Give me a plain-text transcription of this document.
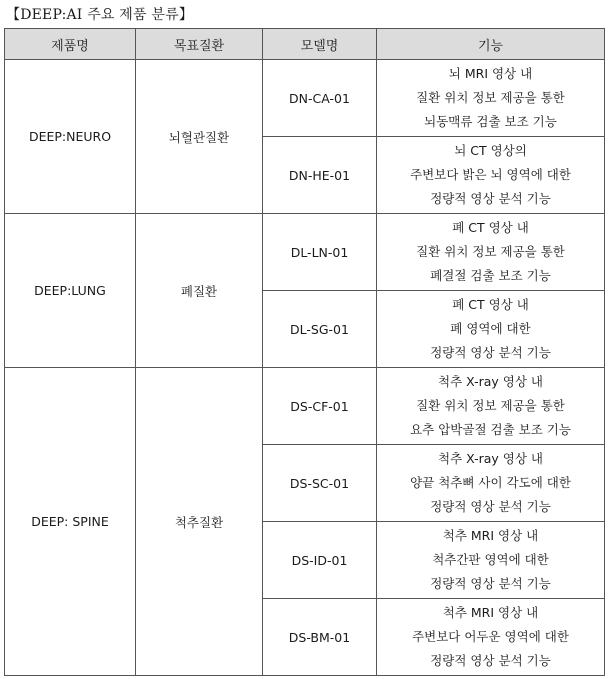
【DEEP:AI 주요 제품 분류】
제품명	목표질환	모델명	기능
DEEP:NEURO	뇌혈관질환	DN-CA-01	뇌 MRI 영상 내
질환 위치 정보 제공을 통한
뇌동맥류 검출 보조 기능

		DN-HE-01	뇌 CT 영상의
주변보다 밝은 뇌 영역에 대한
정량적 영상 분석 기능

DEEP:LUNG	폐질환	DL-LN-01	폐 CT 영상 내
질환 위치 정보 제공을 통한
폐결절 검출 보조 기능

		DL-SG-01	폐 CT 영상 내
폐 영역에 대한
정량적 영상 분석 기능

DEEP: SPINE	척추질환	DS-CF-01	척추 X-ray 영상 내
질환 위치 정보 제공을 통한
요추 압박골절 검출 보조 기능

		DS-SC-01	척추 X-ray 영상 내
양끝 척추뼈 사이 각도에 대한
정량적 영상 분석 기능

		DS-ID-01	척추 MRI 영상 내
척추간판 영역에 대한
정량적 영상 분석 기능

		DS-BM-01	척추 MRI 영상 내
주변보다 어두운 영역에 대한
정량적 영상 분석 기능
